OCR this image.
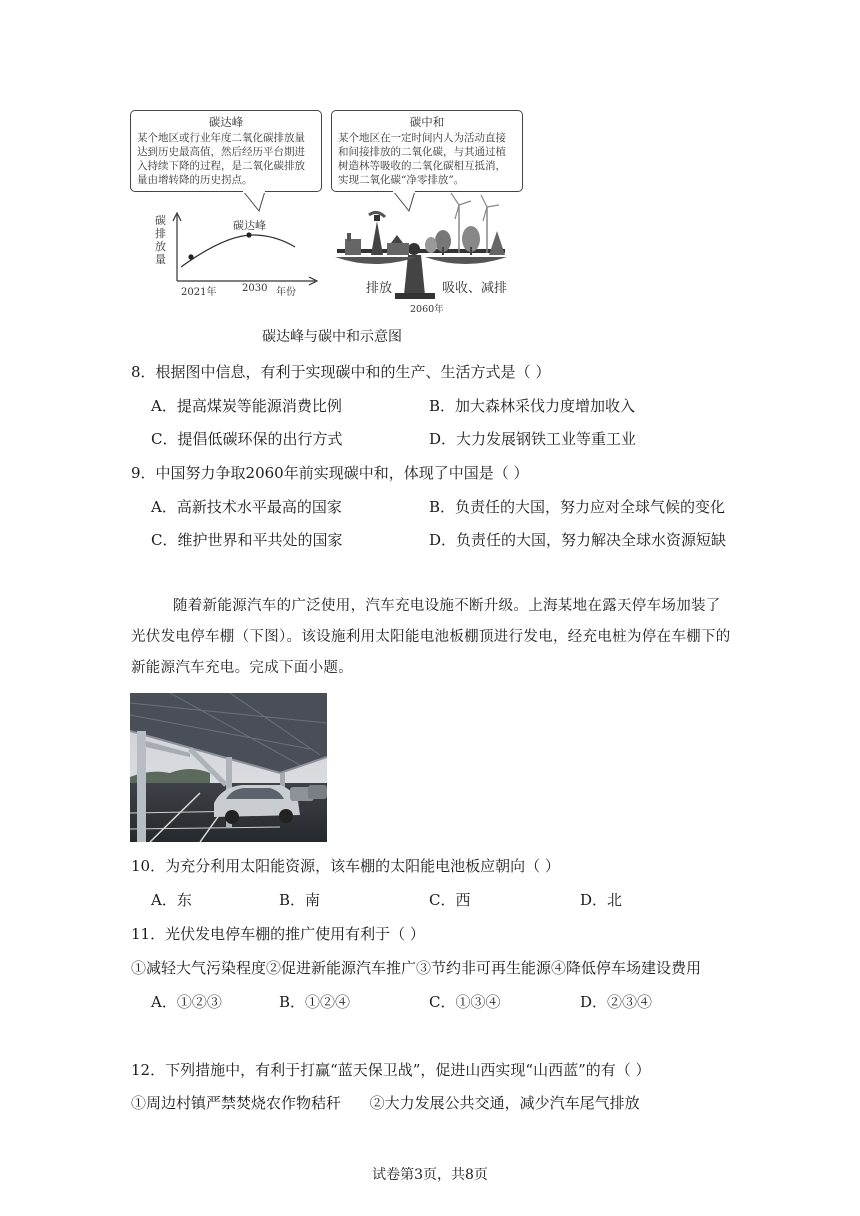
碳达峰
某个地区或行业年度二氧化碳排放量达到历史最高值，然后经历平台期进入持续下降的过程，是二氧化碳排放量由增转降的历史拐点。
碳中和
某个地区在一定时间内人为活动直接和间接排放的二氧化碳，与其通过植树造林等吸收的二氧化碳相互抵消，实现二氧化碳“净零排放”。
碳排放量
碳达峰
2021年	2030 年份	排放	吸收、减排
2060年
碳达峰与碳中和示意图
8．根据图中信息，有利于实现碳中和的生产、生活方式是（ ）
A．提高煤炭等能源消费比例	B．加大森林采伐力度增加收入
C．提倡低碳环保的出行方式	D．大力发展钢铁工业等重工业
9．中国努力争取2060年前实现碳中和，体现了中国是（ ）
A．高新技术水平最高的国家	B．负责任的大国，努力应对全球气候的变化
C．维护世界和平共处的国家	D．负责任的大国，努力解决全球水资源短缺
随着新能源汽车的广泛使用，汽车充电设施不断升级。上海某地在露天停车场加装了光伏发电停车棚（下图）。该设施利用太阳能电池板棚顶进行发电，经充电桩为停在车棚下的新能源汽车充电。完成下面小题。
10．为充分利用太阳能资源，该车棚的太阳能电池板应朝向（ ）
A．东	B．南	C．西	D．北
11．光伏发电停车棚的推广使用有利于（ ）
①减轻大气污染程度②促进新能源汽车推广③节约非可再生能源④降低停车场建设费用
A．①②③	B．①②④	C．①③④	D．②③④
12．下列措施中，有利于打赢“蓝天保卫战”，促进山西实现“山西蓝”的有（ ）
①周边村镇严禁焚烧农作物秸秆      ②大力发展公共交通，减少汽车尾气排放
试卷第3页，共8页
